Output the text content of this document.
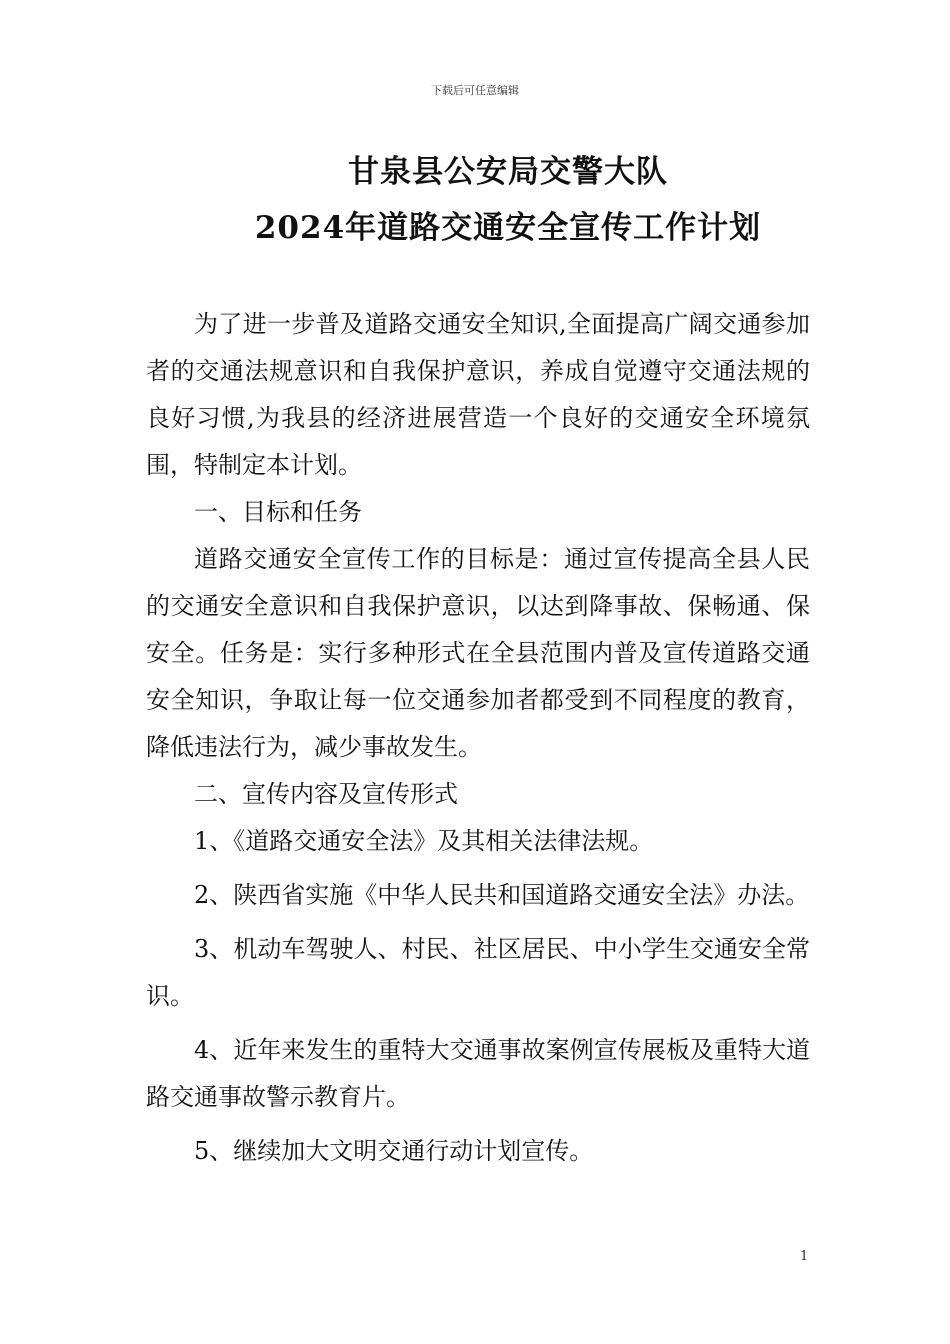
下载后可任意编辑
甘泉县公安局交警大队
2024年道路交通安全宣传工作计划

为了进一步普及道路交通安全知识,全面提高广阔交通参加者的交通法规意识和自我保护意识，养成自觉遵守交通法规的良好习惯,为我县的经济进展营造一个良好的交通安全环境氛围，特制定本计划。

一、目标和任务

道路交通安全宣传工作的目标是：通过宣传提高全县人民的交通安全意识和自我保护意识，以达到降事故、保畅通、保安全。任务是：实行多种形式在全县范围内普及宣传道路交通安全知识，争取让每一位交通参加者都受到不同程度的教育，降低违法行为，减少事故发生。

二、宣传内容及宣传形式

1、《道路交通安全法》及其相关法律法规。

2、陕西省实施《中华人民共和国道路交通安全法》办法。

3、机动车驾驶人、村民、社区居民、中小学生交通安全常识。

4、近年来发生的重特大交通事故案例宣传展板及重特大道路交通事故警示教育片。

5、继续加大文明交通行动计划宣传。

1
